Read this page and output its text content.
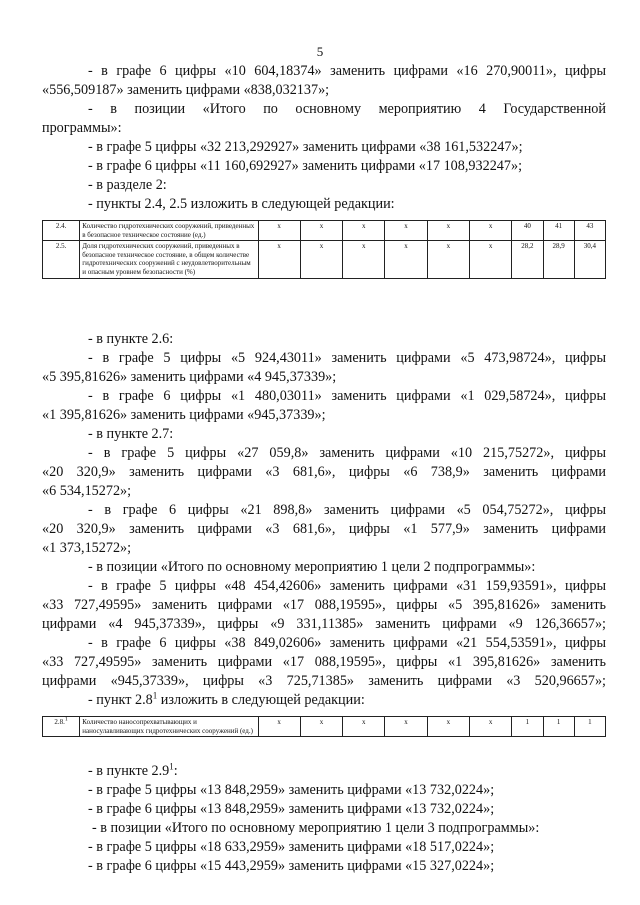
5
- в графе 6 цифры «10 604,18374» заменить цифрами «16 270,90011», цифры
«556,509187» заменить цифрами «838,032137»;
- в позиции «Итого по основному мероприятию 4 Государственной
программы»:
- в графе 5 цифры «32 213,292927» заменить цифрами «38 161,532247»;
- в графе 6 цифры «11 160,692927» заменить цифрами «17 108,932247»;
- в разделе 2:
- пункты 2.4, 2.5 изложить в следующей редакции:
2.4.	Количество гидротехнических сооружений, приведенных в безопасное техническое состояние (ед.)	x	x	x	x	x	x	40	41	43
2.5.	Доля гидротехнических сооружений, приведенных в безопасное техническое состояние, в общем количестве гидротехнических сооружений с неудовлетворительным и опасным уровнем безопасности (%)	x	x	x	x	x	x	28,2	28,9	30,4
- в пункте 2.6:
- в графе 5 цифры «5 924,43011» заменить цифрами «5 473,98724», цифры
«5 395,81626» заменить цифрами «4 945,37339»;
- в графе 6 цифры «1 480,03011» заменить цифрами «1 029,58724», цифры
«1 395,81626» заменить цифрами «945,37339»;
- в пункте 2.7:
- в графе 5 цифры «27 059,8» заменить цифрами «10 215,75272», цифры
«20 320,9» заменить цифрами «3 681,6», цифры «6 738,9» заменить цифрами
«6 534,15272»;
- в графе 6 цифры «21 898,8» заменить цифрами «5 054,75272», цифры
«20 320,9» заменить цифрами «3 681,6», цифры «1 577,9» заменить цифрами
«1 373,15272»;
- в позиции «Итого по основному мероприятию 1 цели 2 подпрограммы»:
- в графе 5 цифры «48 454,42606» заменить цифрами «31 159,93591», цифры
«33 727,49595» заменить цифрами «17 088,19595», цифры «5 395,81626» заменить
цифрами «4 945,37339», цифры «9 331,11385» заменить цифрами «9 126,36657»;
- в графе 6 цифры «38 849,02606» заменить цифрами «21 554,53591», цифры
«33 727,49595» заменить цифрами «17 088,19595», цифры «1 395,81626» заменить
цифрами «945,37339», цифры «3 725,71385» заменить цифрами «3 520,96657»;
- пункт $2.8^1$ изложить в следующей редакции:
2.8.$^1$	Количество наносопрехватывающих и наносулавливающих гидротехнических сооружений (ед.)	x	x	x	x	x	x	1	1	1
- в пункте $2.9^1$:
- в графе 5 цифры «13 848,2959» заменить цифрами «13 732,0224»;
- в графе 6 цифры «13 848,2959» заменить цифрами «13 732,0224»;
- в позиции «Итого по основному мероприятию 1 цели 3 подпрограммы»:
- в графе 5 цифры «18 633,2959» заменить цифрами «18 517,0224»;
- в графе 6 цифры «15 443,2959» заменить цифрами «15 327,0224»;
